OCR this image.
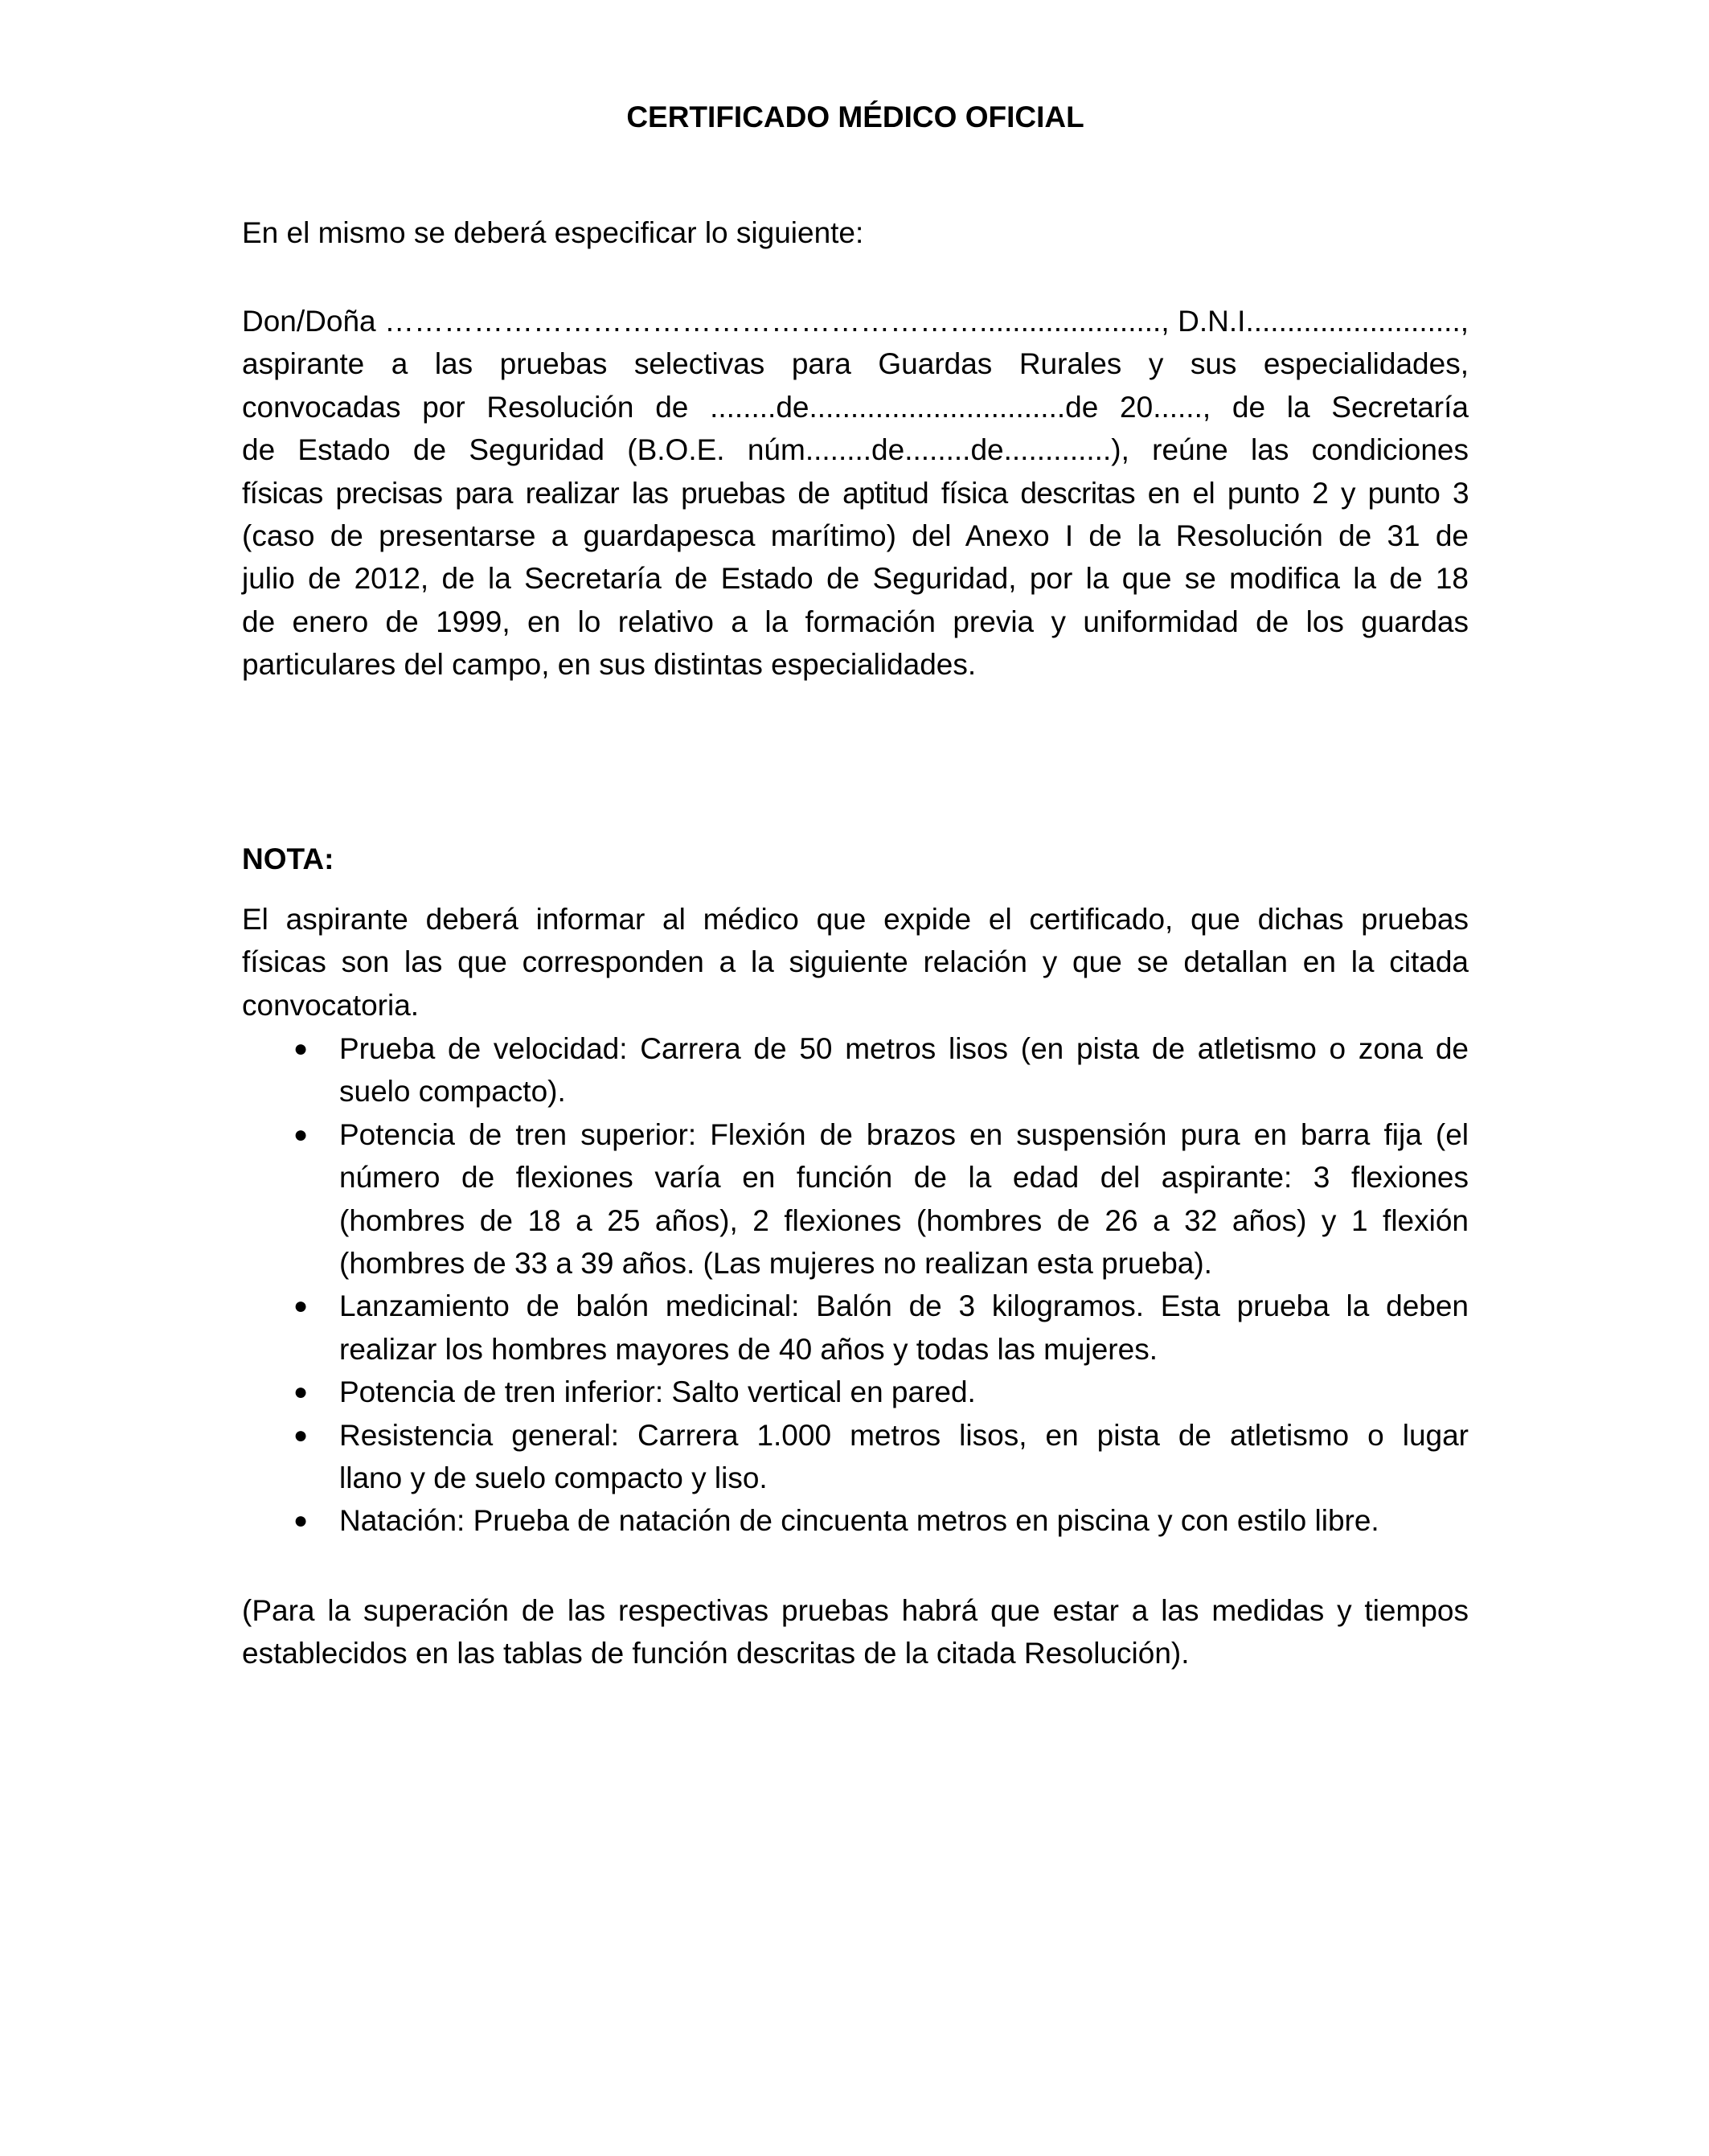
CERTIFICADO MÉDICO OFICIAL

En el mismo se deberá especificar lo siguiente:

Don/Doña ……………………………………………………......................, D.N.I..........................,
aspirante a las pruebas selectivas para Guardas Rurales y sus especialidades,
convocadas por Resolución de ........de...............................de 20......, de la Secretaría
de Estado de Seguridad (B.O.E. núm........de........de.............), reúne las condiciones
físicas precisas para realizar las pruebas de aptitud física descritas en el punto 2 y punto 3
(caso de presentarse a guardapesca marítimo) del Anexo I de la Resolución de 31 de
julio de 2012, de la Secretaría de Estado de Seguridad, por la que se modifica la de 18
de enero de 1999, en lo relativo a la formación previa y uniformidad de los guardas
particulares del campo, en sus distintas especialidades.

NOTA:

El aspirante deberá informar al médico que expide el certificado, que dichas pruebas
físicas son las que corresponden a la siguiente relación y que se detallan en la citada
convocatoria.

● Prueba de velocidad: Carrera de 50 metros lisos (en pista de atletismo o zona de
suelo compacto).
● Potencia de tren superior: Flexión de brazos en suspensión pura en barra fija (el
número de flexiones varía en función de la edad del aspirante: 3 flexiones
(hombres de 18 a 25 años), 2 flexiones (hombres de 26 a 32 años) y 1 flexión
(hombres de 33 a 39 años. (Las mujeres no realizan esta prueba).
● Lanzamiento de balón medicinal: Balón de 3 kilogramos. Esta prueba la deben
realizar los hombres mayores de 40 años y todas las mujeres.
● Potencia de tren inferior: Salto vertical en pared.
● Resistencia general: Carrera 1.000 metros lisos, en pista de atletismo o lugar
llano y de suelo compacto y liso.
● Natación: Prueba de natación de cincuenta metros en piscina y con estilo libre.

(Para la superación de las respectivas pruebas habrá que estar a las medidas y tiempos
establecidos en las tablas de función descritas de la citada Resolución).
